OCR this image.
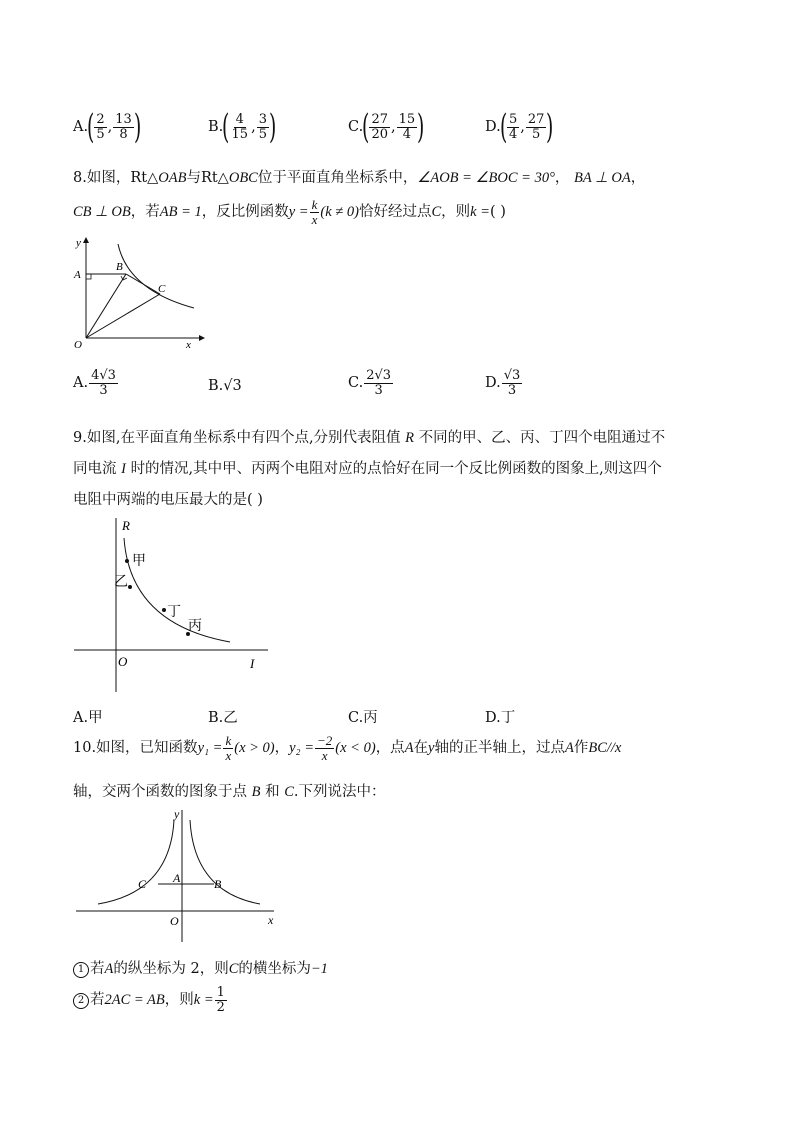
$A.( \frac{2}{5}$ , $\frac{13}{8}$ )	$B.( \frac{4}{15}$ , $\frac{3}{5}$ )	$C.( \frac{27}{20}$ , $\frac{15}{4}$ )	$D.( \frac{5}{4}$ , $\frac{27}{5}$ )
8.如图，Rt△OAB与Rt△OBC位于平面直角坐标系中，∠AOB = ∠BOC = 30°， BA ⊥ OA，
CB ⊥ OB，若AB = 1，反比例函数$y = \frac{k}{x} (k \ne 0)$恰好经过点C，则k =( )
y
A
B
C
O	x
A. $\frac{4√3}{3}$	B.√3	C. $\frac{2√3}{3}$	D. $\frac{√3}{3}$
9.如图,在平面直角坐标系中有四个点,分别代表阻值 R 不同的甲、乙、丙、丁四个电阻通过不
同电流 I 时的情况,其中甲、丙两个电阻对应的点恰好在同一个反比例函数的图象上,则这四个
电阻中两端的电压最大的是( )
R
O	I
甲
乙
丁
丙
A.甲	B.乙	C.丙	D.丁
10.如图，已知函数$y_1 = \frac{k}{x} (x > 0)$，$y_2 = \frac{-2}{x} (x < 0)$，点A在y轴的正半轴上，过点A作BC//x
轴，交两个函数的图象于点 B 和 C.下列说法中：
y
C A	B
O	x
1 若A的纵坐标为 2，则C的横坐标为−1
2 若2AC = AB，则$k = \frac{1}{2}$
